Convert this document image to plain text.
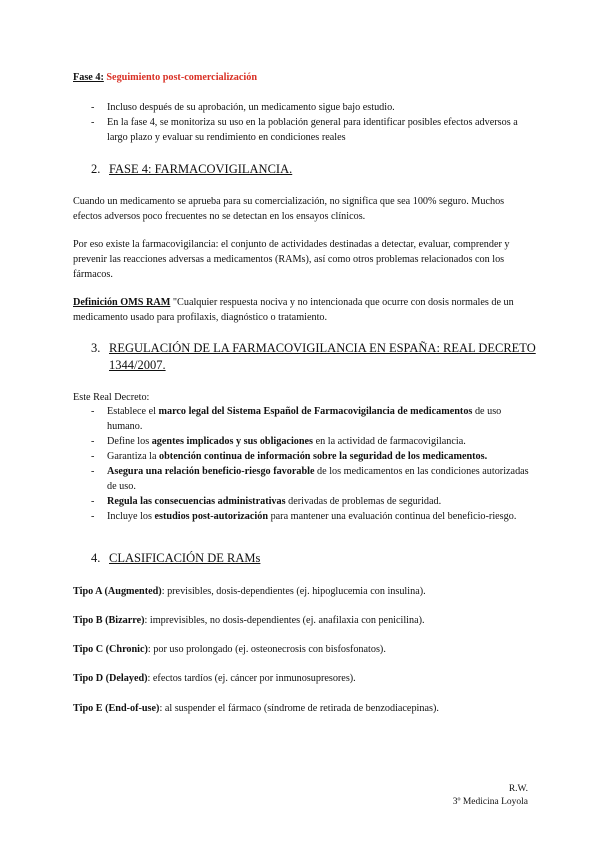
Fase 4: Seguimiento post-comercialización
- Incluso después de su aprobación, un medicamento sigue bajo estudio.
- En la fase 4, se monitoriza su uso en la población general para identificar posibles efectos adversos a largo plazo y evaluar su rendimiento en condiciones reales
2. FASE 4: FARMACOVIGILANCIA.

Cuando un medicamento se aprueba para su comercialización, no significa que sea 100% seguro. Muchos efectos adversos poco frecuentes no se detectan en los ensayos clínicos.

Por eso existe la farmacovigilancia: el conjunto de actividades destinadas a detectar, evaluar, comprender y prevenir las reacciones adversas a medicamentos (RAMs), así como otros problemas relacionados con los fármacos.

Definición OMS RAM "Cualquier respuesta nociva y no intencionada que ocurre con dosis normales de un medicamento usado para profilaxis, diagnóstico o tratamiento.

3. REGULACIÓN DE LA FARMACOVIGILANCIA EN ESPAÑA: REAL DECRETO 1344/2007.

Este Real Decreto:

- Establece el marco legal del Sistema Español de Farmacovigilancia de medicamentos de uso humano.
- Define los agentes implicados y sus obligaciones en la actividad de farmacovigilancia.
- Garantiza la obtención continua de información sobre la seguridad de los medicamentos.
- Asegura una relación beneficio-riesgo favorable de los medicamentos en las condiciones autorizadas de uso.
- Regula las consecuencias administrativas derivadas de problemas de seguridad.
- Incluye los estudios post-autorización para mantener una evaluación continua del beneficio-riesgo.
4. CLASIFICACIÓN DE RAMs

Tipo A (Augmented): previsibles, dosis-dependientes (ej. hipoglucemia con insulina).

Tipo B (Bizarre): imprevisibles, no dosis-dependientes (ej. anafilaxia con penicilina).

Tipo C (Chronic): por uso prolongado (ej. osteonecrosis con bisfosfonatos).

Tipo D (Delayed): efectos tardíos (ej. cáncer por inmunosupresores).

Tipo E (End-of-use): al suspender el fármaco (síndrome de retirada de benzodiacepinas).

R.W.
3º Medicina Loyola
